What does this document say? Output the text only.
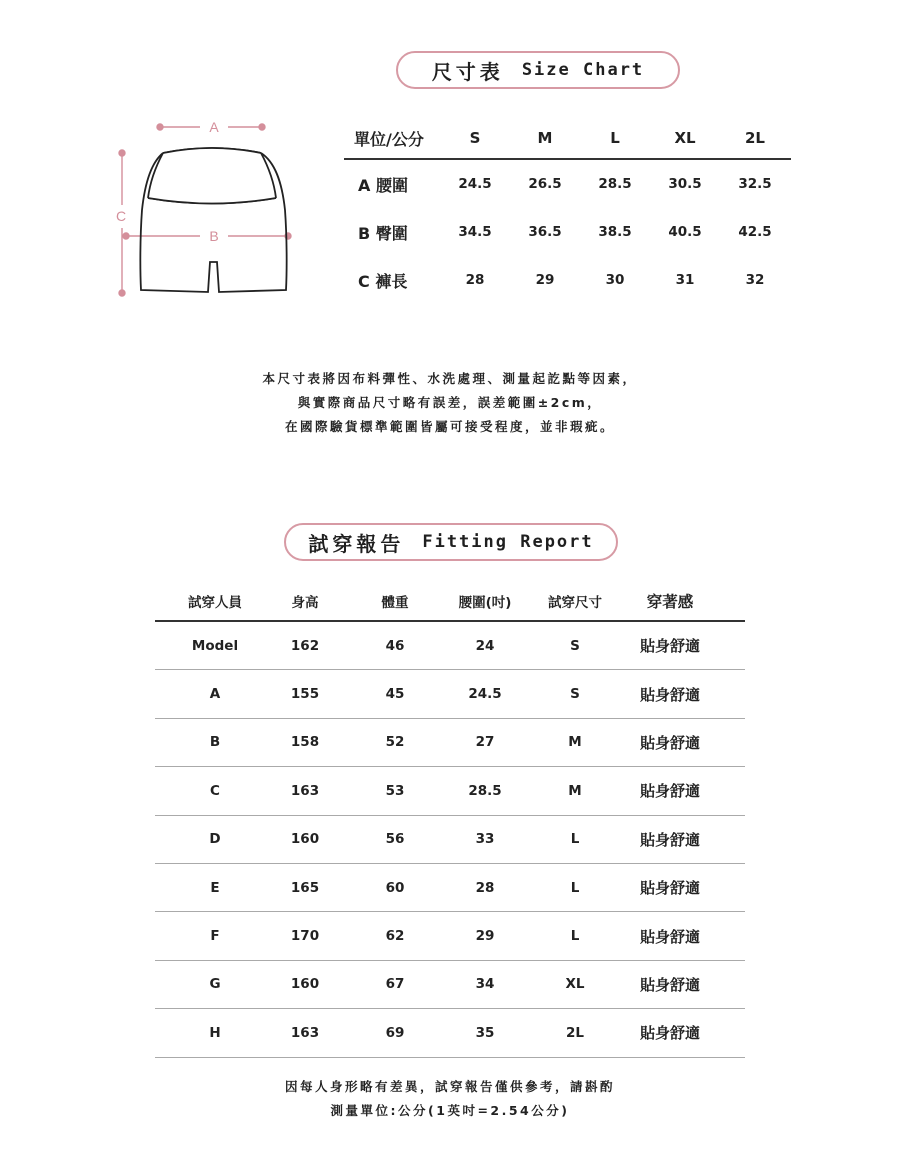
尺寸表 Size Chart
A
C
B
單位/公分	S	M	L	XL	2L
A 腰圍	24.5	26.5	28.5	30.5	32.5
B 臀圍	34.5	36.5	38.5	40.5	42.5
C 褲長	28	29	30	31	32
本尺寸表將因布料彈性、水洗處理、測量起訖點等因素，
與實際商品尺寸略有誤差，誤差範圍±2cm，
在國際驗貨標準範圍皆屬可接受程度，並非瑕疵。
試穿報告 Fitting Report
試穿人員	身高	體重	腰圍(吋)	試穿尺寸	穿著感
Model	162	46	24	S	貼身舒適
A	155	45	24.5	S	貼身舒適
B	158	52	27	M	貼身舒適
C	163	53	28.5	M	貼身舒適
D	160	56	33	L	貼身舒適
E	165	60	28	L	貼身舒適
F	170	62	29	L	貼身舒適
G	160	67	34	XL	貼身舒適
H	163	69	35	2L	貼身舒適
因每人身形略有差異，試穿報告僅供參考，請斟酌
測量單位:公分(1英吋=2.54公分)
